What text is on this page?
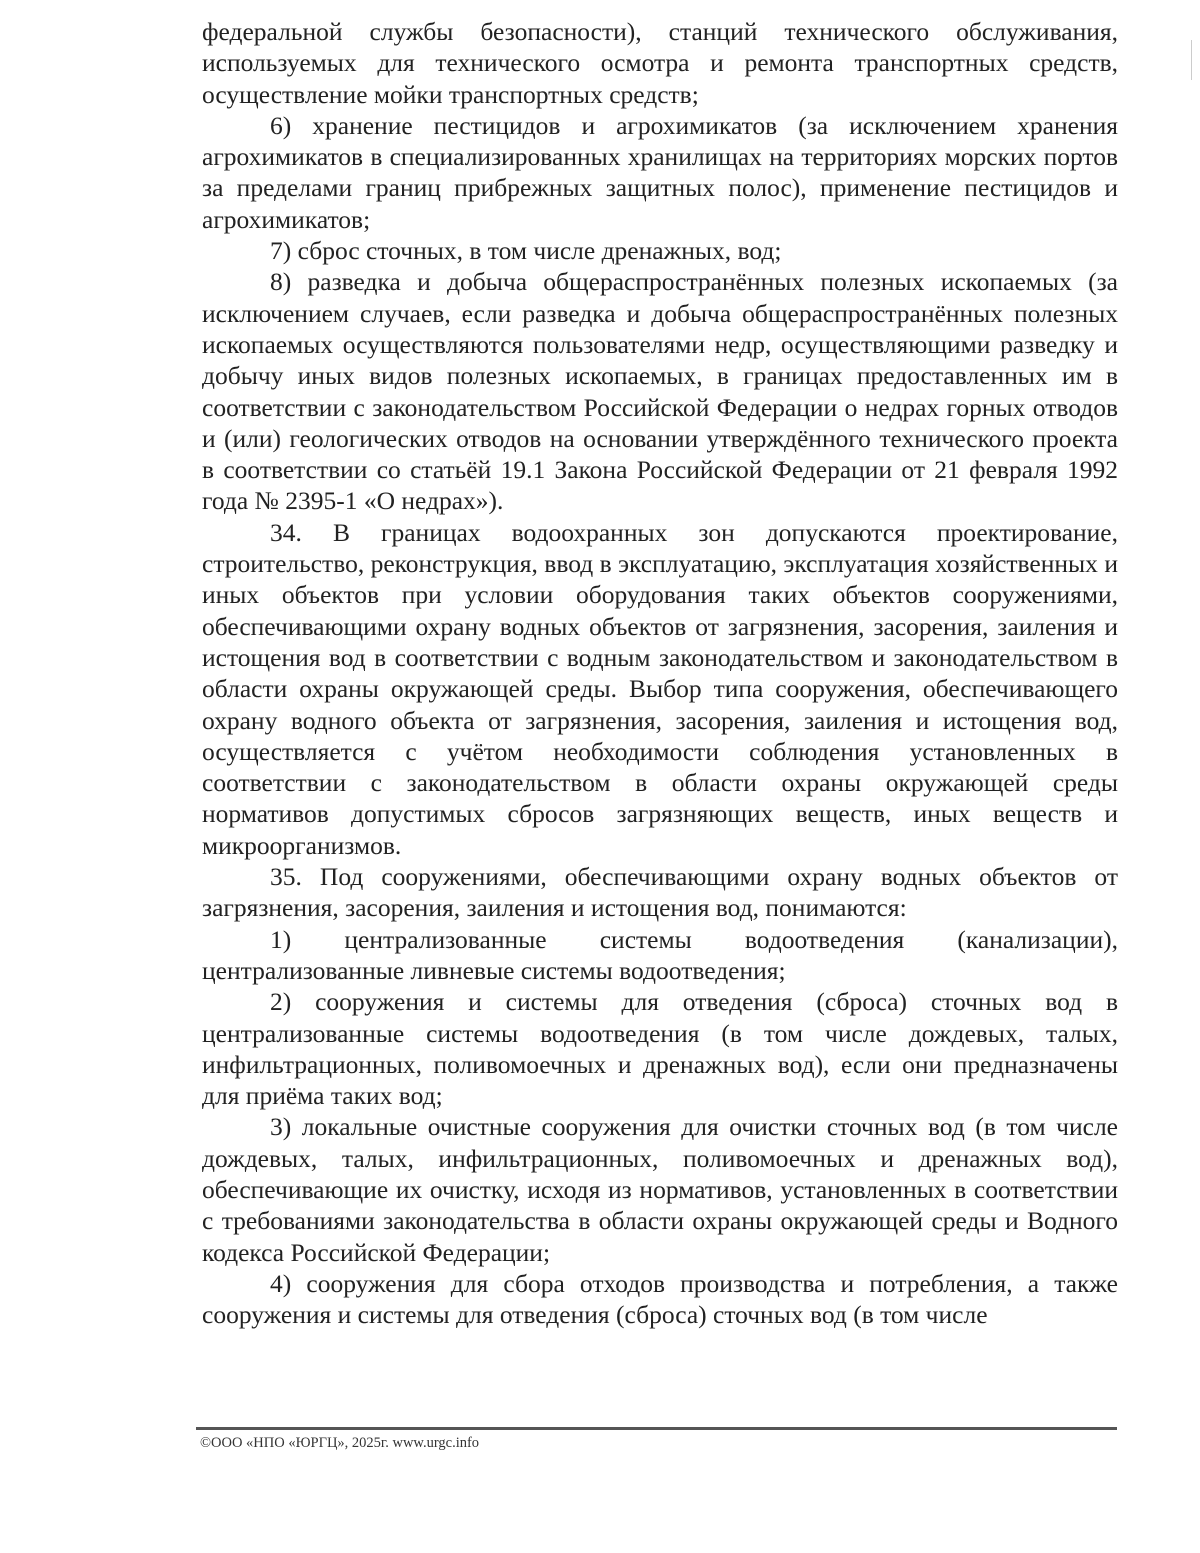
федеральной службы безопасности), станций технического обслуживания, используемых для технического осмотра и ремонта транспортных средств, осуществление мойки транспортных средств;

6) хранение пестицидов и агрохимикатов (за исключением хранения агрохимикатов в специализированных хранилищах на территориях морских портов за пределами границ прибрежных защитных полос), применение пестицидов и агрохимикатов;

7) сброс сточных, в том числе дренажных, вод;

8) разведка и добыча общераспространённых полезных ископаемых (за исключением случаев, если разведка и добыча общераспространённых полезных ископаемых осуществляются пользователями недр, осуществляющими разведку и добычу иных видов полезных ископаемых, в границах предоставленных им в соответствии с законодательством Российской Федерации о недрах горных отводов и (или) геологических отводов на основании утверждённого технического проекта в соответствии со статьёй 19.1 Закона Российской Федерации от 21 февраля 1992 года № 2395-1 «О недрах»).

34. В границах водоохранных зон допускаются проектирование, строительство, реконструкция, ввод в эксплуатацию, эксплуатация хозяйственных и иных объектов при условии оборудования таких объектов сооружениями, обеспечивающими охрану водных объектов от загрязнения, засорения, заиления и истощения вод в соответствии с водным законодательством и законодательством в области охраны окружающей среды. Выбор типа сооружения, обеспечивающего охрану водного объекта от загрязнения, засорения, заиления и истощения вод, осуществляется с учётом необходимости соблюдения установленных в соответствии с законодательством в области охраны окружающей среды нормативов допустимых сбросов загрязняющих веществ, иных веществ и микроорганизмов.

35. Под сооружениями, обеспечивающими охрану водных объектов от загрязнения, засорения, заиления и истощения вод, понимаются:

1) централизованные системы водоотведения (канализации), централизованные ливневые системы водоотведения;

2) сооружения и системы для отведения (сброса) сточных вод в централизованные системы водоотведения (в том числе дождевых, талых, инфильтрационных, поливомоечных и дренажных вод), если они предназначены для приёма таких вод;

3) локальные очистные сооружения для очистки сточных вод (в том числе дождевых, талых, инфильтрационных, поливомоечных и дренажных вод), обеспечивающие их очистку, исходя из нормативов, установленных в соответствии с требованиями законодательства в области охраны окружающей среды и Водного кодекса Российской Федерации;

4) сооружения для сбора отходов производства и потребления, а также сооружения и системы для отведения (сброса) сточных вод (в том числе

©ООО «НПО «ЮРГЦ», 2025г. www.urgc.info
